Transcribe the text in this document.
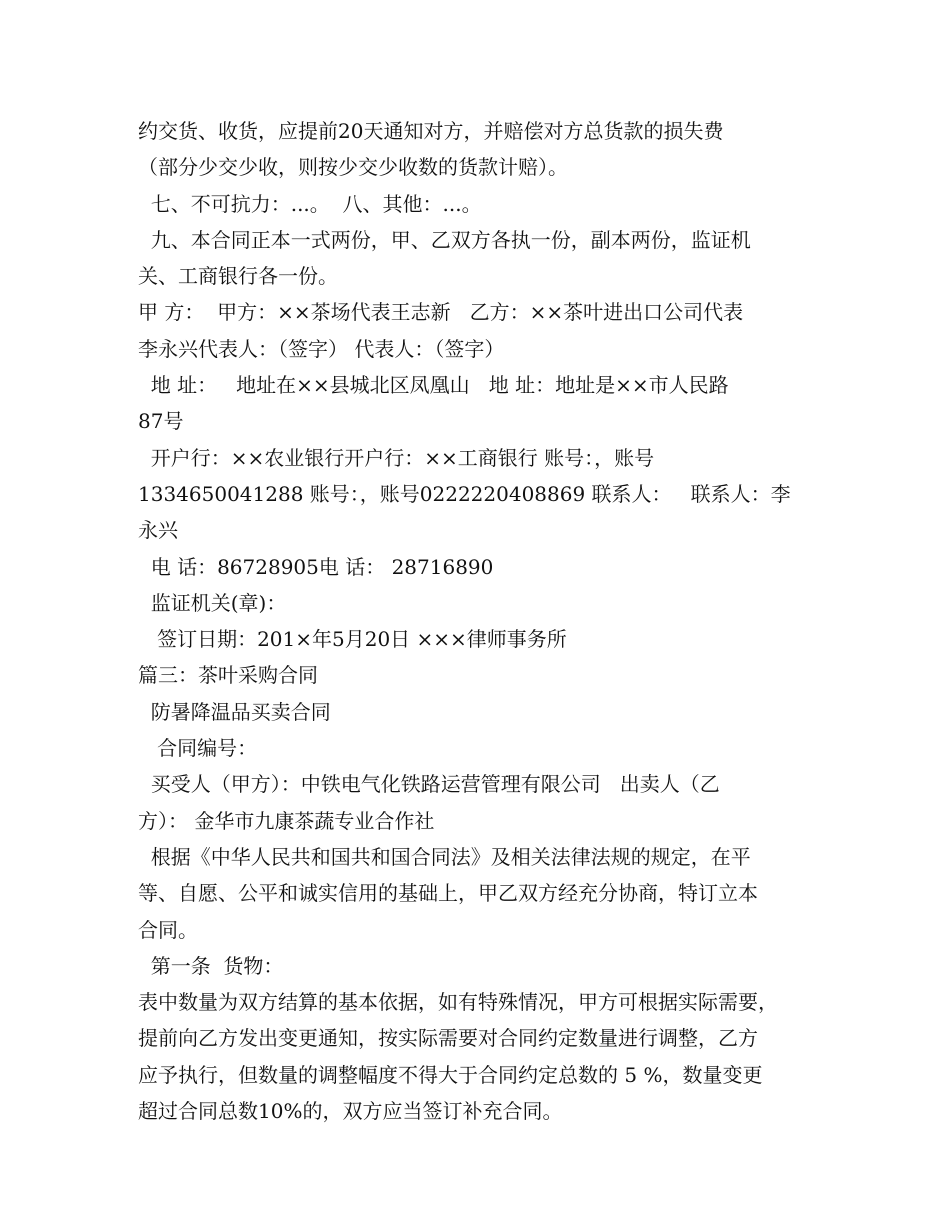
约交货、收货，应提前20天通知对方，并赔偿对方总货款的损失费
（部分少交少收，则按少交少收数的货款计赔）。
七、不可抗力：...。  八、其他：...。
九、本合同正本一式两份，甲、乙双方各执一份，副本两份，监证机
关、工商银行各一份。
甲 方：  甲方：××茶场代表王志新   乙方：××茶叶进出口公司代表
李永兴代表人：（签字） 代表人：（签字）
地 址：   地址在××县城北区凤凰山   地 址：地址是××市人民路
87号
开户行：××农业银行开户行：××工商银行 账号：，账号
1334650041288 账号：，账号0222220408869 联系人：   联系人：李
永兴
电 话：86728905电 话： 28716890
监证机关(章)：
签订日期：201×年5月20日 ×××律师事务所
篇三：茶叶采购合同
防暑降温品买卖合同
合同编号：
买受人（甲方）：中铁电气化铁路运营管理有限公司   出卖人（乙
方）： 金华市九康茶蔬专业合作社
根据《中华人民共和国共和国合同法》及相关法律法规的规定，在平
等、自愿、公平和诚实信用的基础上，甲乙双方经充分协商，特订立本
合同。
第一条  货物：
表中数量为双方结算的基本依据，如有特殊情况，甲方可根据实际需要，
提前向乙方发出变更通知，按实际需要对合同约定数量进行调整，乙方
应予执行，但数量的调整幅度不得大于合同约定总数的 5 %，数量变更
超过合同总数10%的，双方应当签订补充合同。
